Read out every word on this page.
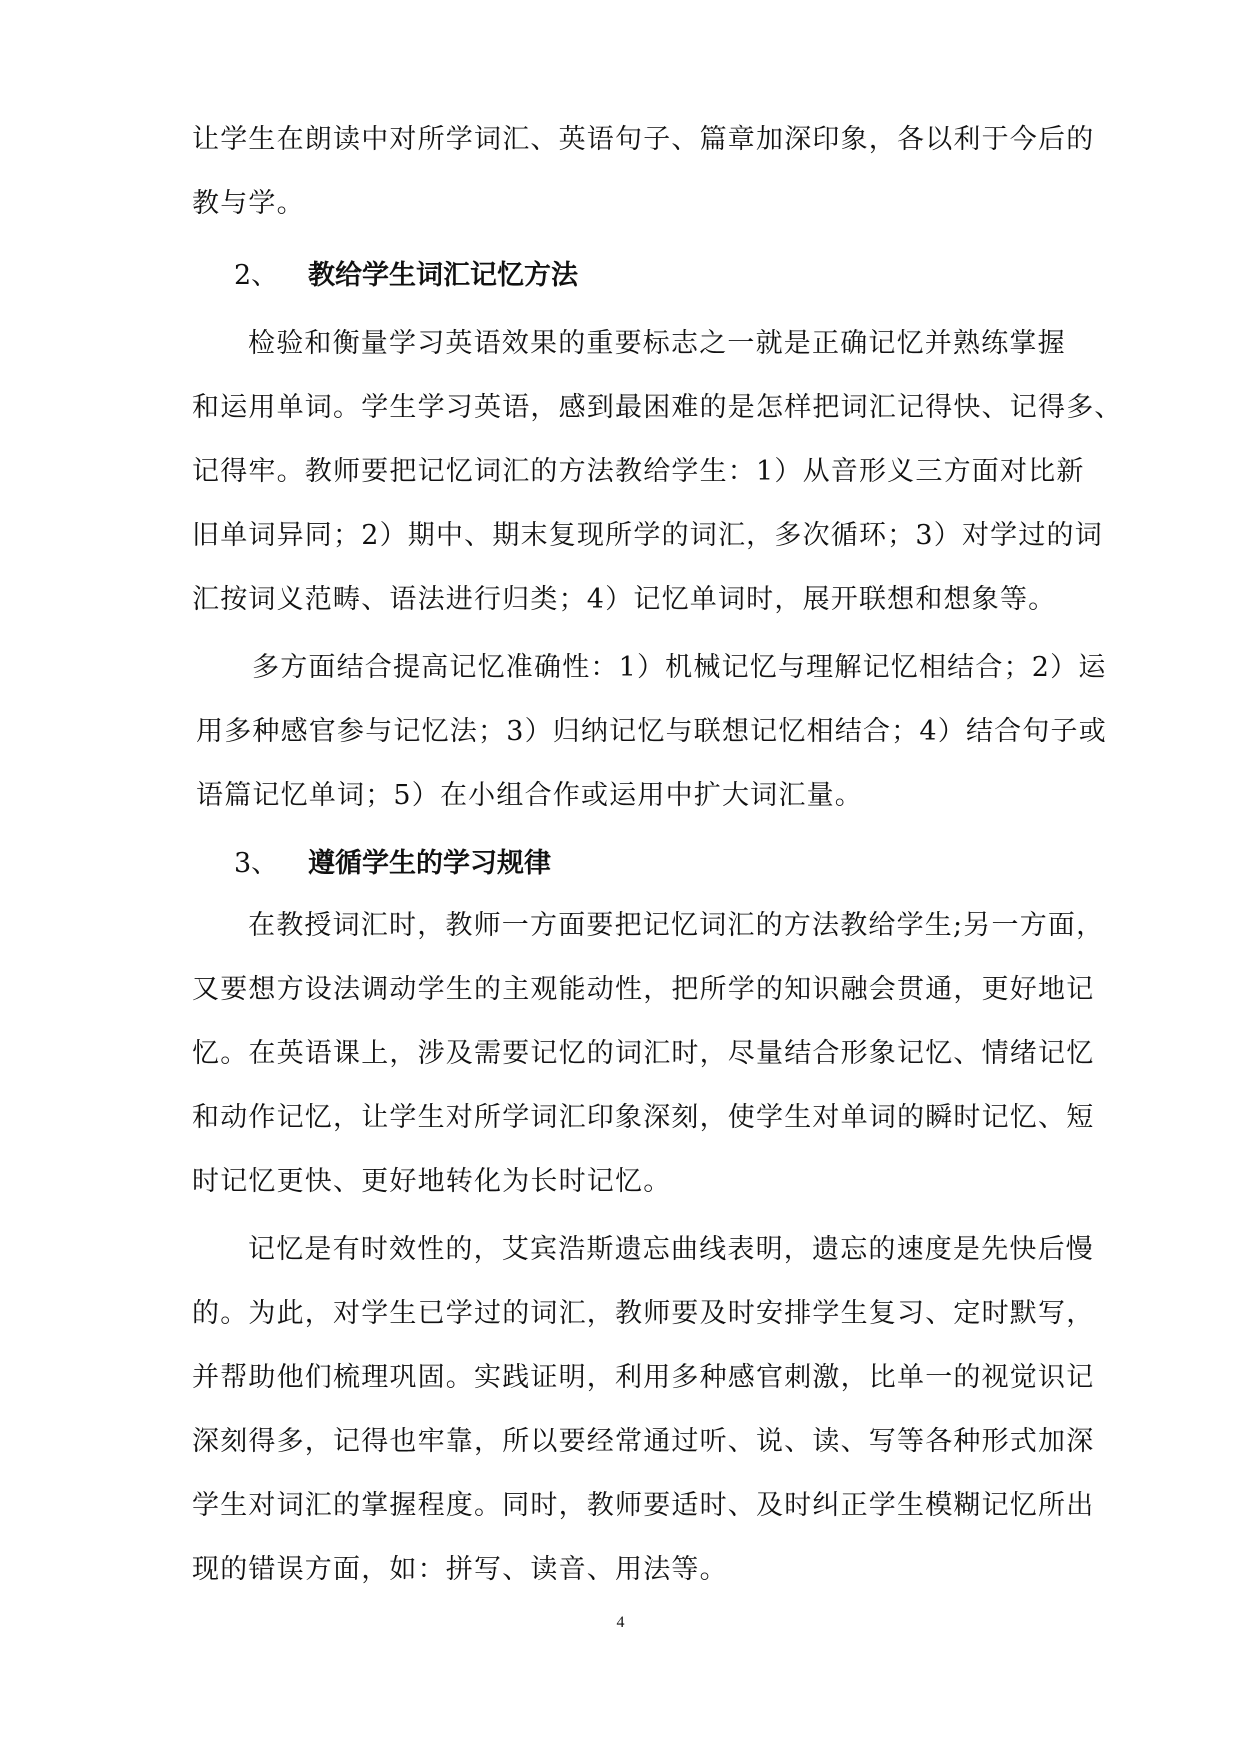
让学生在朗读中对所学词汇、英语句子、篇章加深印象，各以利于今后的
教与学。
2、 教给学生词汇记忆方法
检验和衡量学习英语效果的重要标志之一就是正确记忆并熟练掌握
和运用单词。学生学习英语，感到最困难的是怎样把词汇记得快、记得多、
记得牢。教师要把记忆词汇的方法教给学生：1）从音形义三方面对比新
旧单词异同；2）期中、期末复现所学的词汇，多次循环；3）对学过的词
汇按词义范畴、语法进行归类；4）记忆单词时，展开联想和想象等。
多方面结合提高记忆准确性：1）机械记忆与理解记忆相结合；2）运
用多种感官参与记忆法；3）归纳记忆与联想记忆相结合；4）结合句子或
语篇记忆单词；5）在小组合作或运用中扩大词汇量。
3、 遵循学生的学习规律
在教授词汇时，教师一方面要把记忆词汇的方法教给学生;另一方面，
又要想方设法调动学生的主观能动性，把所学的知识融会贯通，更好地记
忆。在英语课上，涉及需要记忆的词汇时，尽量结合形象记忆、情绪记忆
和动作记忆，让学生对所学词汇印象深刻，使学生对单词的瞬时记忆、短
时记忆更快、更好地转化为长时记忆。
记忆是有时效性的，艾宾浩斯遗忘曲线表明，遗忘的速度是先快后慢
的。为此，对学生已学过的词汇，教师要及时安排学生复习、定时默写，
并帮助他们梳理巩固。实践证明，利用多种感官刺激，比单一的视觉识记
深刻得多，记得也牢靠，所以要经常通过听、说、读、写等各种形式加深
学生对词汇的掌握程度。同时，教师要适时、及时纠正学生模糊记忆所出
现的错误方面，如：拼写、读音、用法等。
4
